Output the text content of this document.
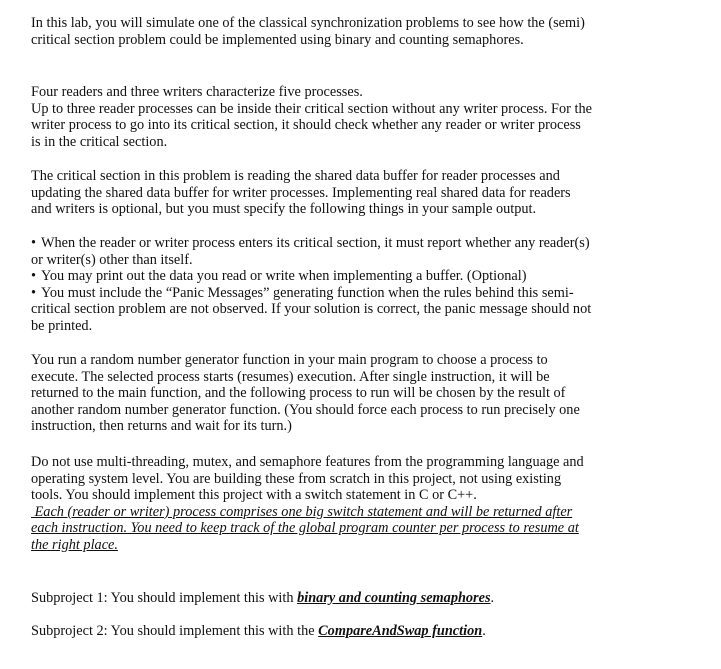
In this lab, you will simulate one of the classical synchronization problems to see how the (semi)
critical section problem could be implemented using binary and counting semaphores.

Four readers and three writers characterize five processes.
Up to three reader processes can be inside their critical section without any writer process. For the
writer process to go into its critical section, it should check whether any reader or writer process
is in the critical section.

The critical section in this problem is reading the shared data buffer for reader processes and
updating the shared data buffer for writer processes. Implementing real shared data for readers
and writers is optional, but you must specify the following things in your sample output.

• When the reader or writer process enters its critical section, it must report whether any reader(s)
or writer(s) other than itself.
• You may print out the data you read or write when implementing a buffer. (Optional)
• You must include the “Panic Messages” generating function when the rules behind this semi-
critical section problem are not observed. If your solution is correct, the panic message should not
be printed.

You run a random number generator function in your main program to choose a process to
execute. The selected process starts (resumes) execution. After single instruction, it will be
returned to the main function, and the following process to run will be chosen by the result of
another random number generator function. (You should force each process to run precisely one
instruction, then returns and wait for its turn.)

Do not use multi-threading, mutex, and semaphore features from the programming language and
operating system level. You are building these from scratch in this project, not using existing
tools. You should implement this project with a switch statement in C or C++.
Each (reader or writer) process comprises one big switch statement and will be returned after
each instruction. You need to keep track of the global program counter per process to resume at
the right place.

Subproject 1: You should implement this with binary and counting semaphores.

Subproject 2: You should implement this with the CompareAndSwap function.
